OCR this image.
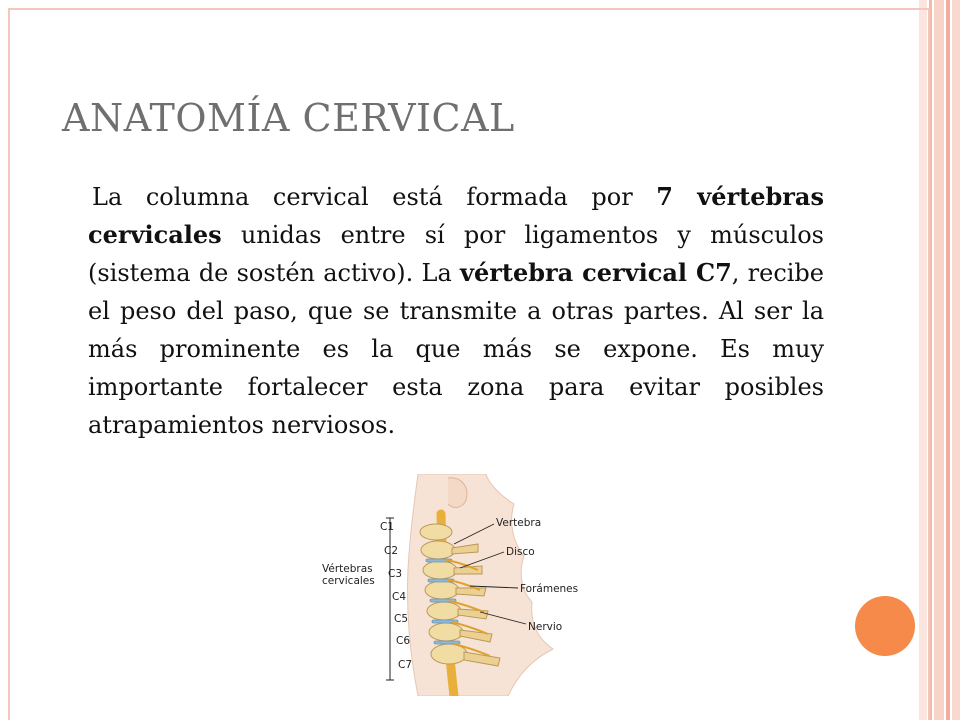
ANATOMÍA CERVICAL

La columna cervical está formada por 7 vértebras cervicales unidas entre sí por ligamentos y músculos (sistema de sostén activo). La vértebra cervical C7, recibe el peso del paso, que se transmite a otras partes. Al ser la más prominente es la que más se expone. Es muy importante fortalecer esta zona para evitar posibles atrapamientos nerviosos.

C1
C2
C3
C4
C5
C6
C7
Vértebras
cervicales
Vertebra
Disco
Forámenes
Nervio
